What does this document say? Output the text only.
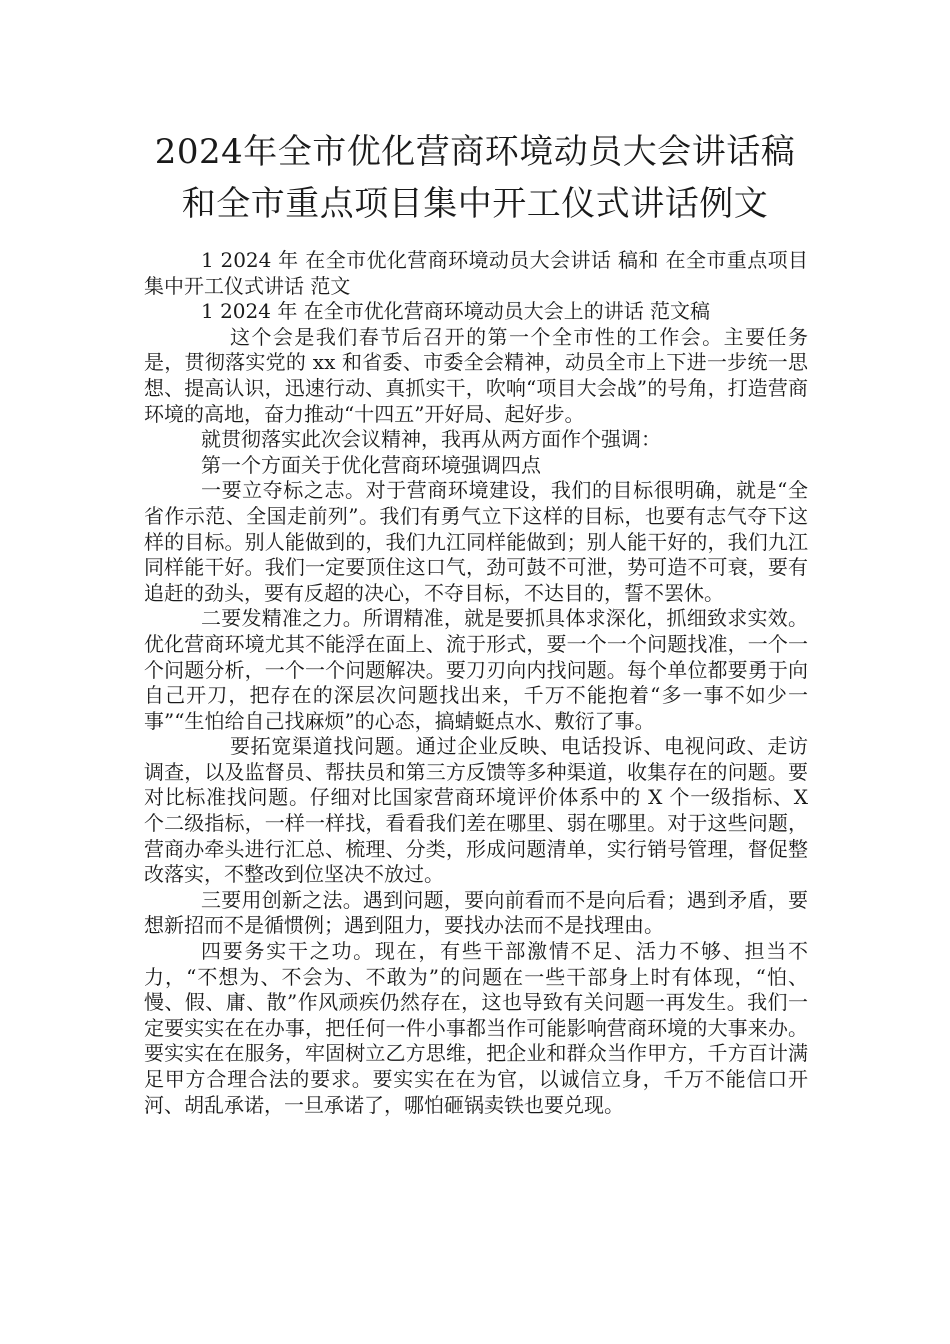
2024年全市优化营商环境动员大会讲话稿
和全市重点项目集中开工仪式讲话例文

1 2024 年 在全市优化营商环境动员大会讲话 稿和 在全市重点项目集中开工仪式讲话 范文

1 2024 年 在全市优化营商环境动员大会上的讲话 范文稿

这个会是我们春节后召开的第一个全市性的工作会。主要任务是，贯彻落实党的 xx 和省委、市委全会精神，动员全市上下进一步统一思想、提高认识，迅速行动、真抓实干，吹响“项目大会战”的号角，打造营商环境的高地，奋力推动“十四五”开好局、起好步。

就贯彻落实此次会议精神，我再从两方面作个强调：

第一个方面关于优化营商环境强调四点

一要立夺标之志。对于营商环境建设，我们的目标很明确，就是“全省作示范、全国走前列”。我们有勇气立下这样的目标，也要有志气夺下这样的目标。别人能做到的，我们九江同样能做到；别人能干好的，我们九江同样能干好。我们一定要顶住这口气，劲可鼓不可泄，势可造不可衰，要有追赶的劲头，要有反超的决心，不夺目标，不达目的，誓不罢休。

二要发精准之力。所谓精准，就是要抓具体求深化，抓细致求实效。优化营商环境尤其不能浮在面上、流于形式，要一个一个问题找准，一个一个问题分析，一个一个问题解决。要刀刃向内找问题。每个单位都要勇于向自己开刀，把存在的深层次问题找出来，千万不能抱着“多一事不如少一事”“生怕给自己找麻烦”的心态，搞蜻蜓点水、敷衍了事。

要拓宽渠道找问题。通过企业反映、电话投诉、电视问政、走访调查，以及监督员、帮扶员和第三方反馈等多种渠道，收集存在的问题。要对比标准找问题。仔细对比国家营商环境评价体系中的 X 个一级指标、X 个二级指标，一样一样找，看看我们差在哪里、弱在哪里。对于这些问题，营商办牵头进行汇总、梳理、分类，形成问题清单，实行销号管理，督促整改落实，不整改到位坚决不放过。

三要用创新之法。遇到问题，要向前看而不是向后看；遇到矛盾，要想新招而不是循惯例；遇到阻力，要找办法而不是找理由。

四要务实干之功。现在，有些干部激情不足、活力不够、担当不力，“不想为、不会为、不敢为”的问题在一些干部身上时有体现，“怕、慢、假、庸、散”作风顽疾仍然存在，这也导致有关问题一再发生。我们一定要实实在在办事，把任何一件小事都当作可能影响营商环境的大事来办。要实实在在服务，牢固树立乙方思维，把企业和群众当作甲方，千方百计满足甲方合理合法的要求。要实实在在为官，以诚信立身，千万不能信口开河、胡乱承诺，一旦承诺了，哪怕砸锅卖铁也要兑现。
